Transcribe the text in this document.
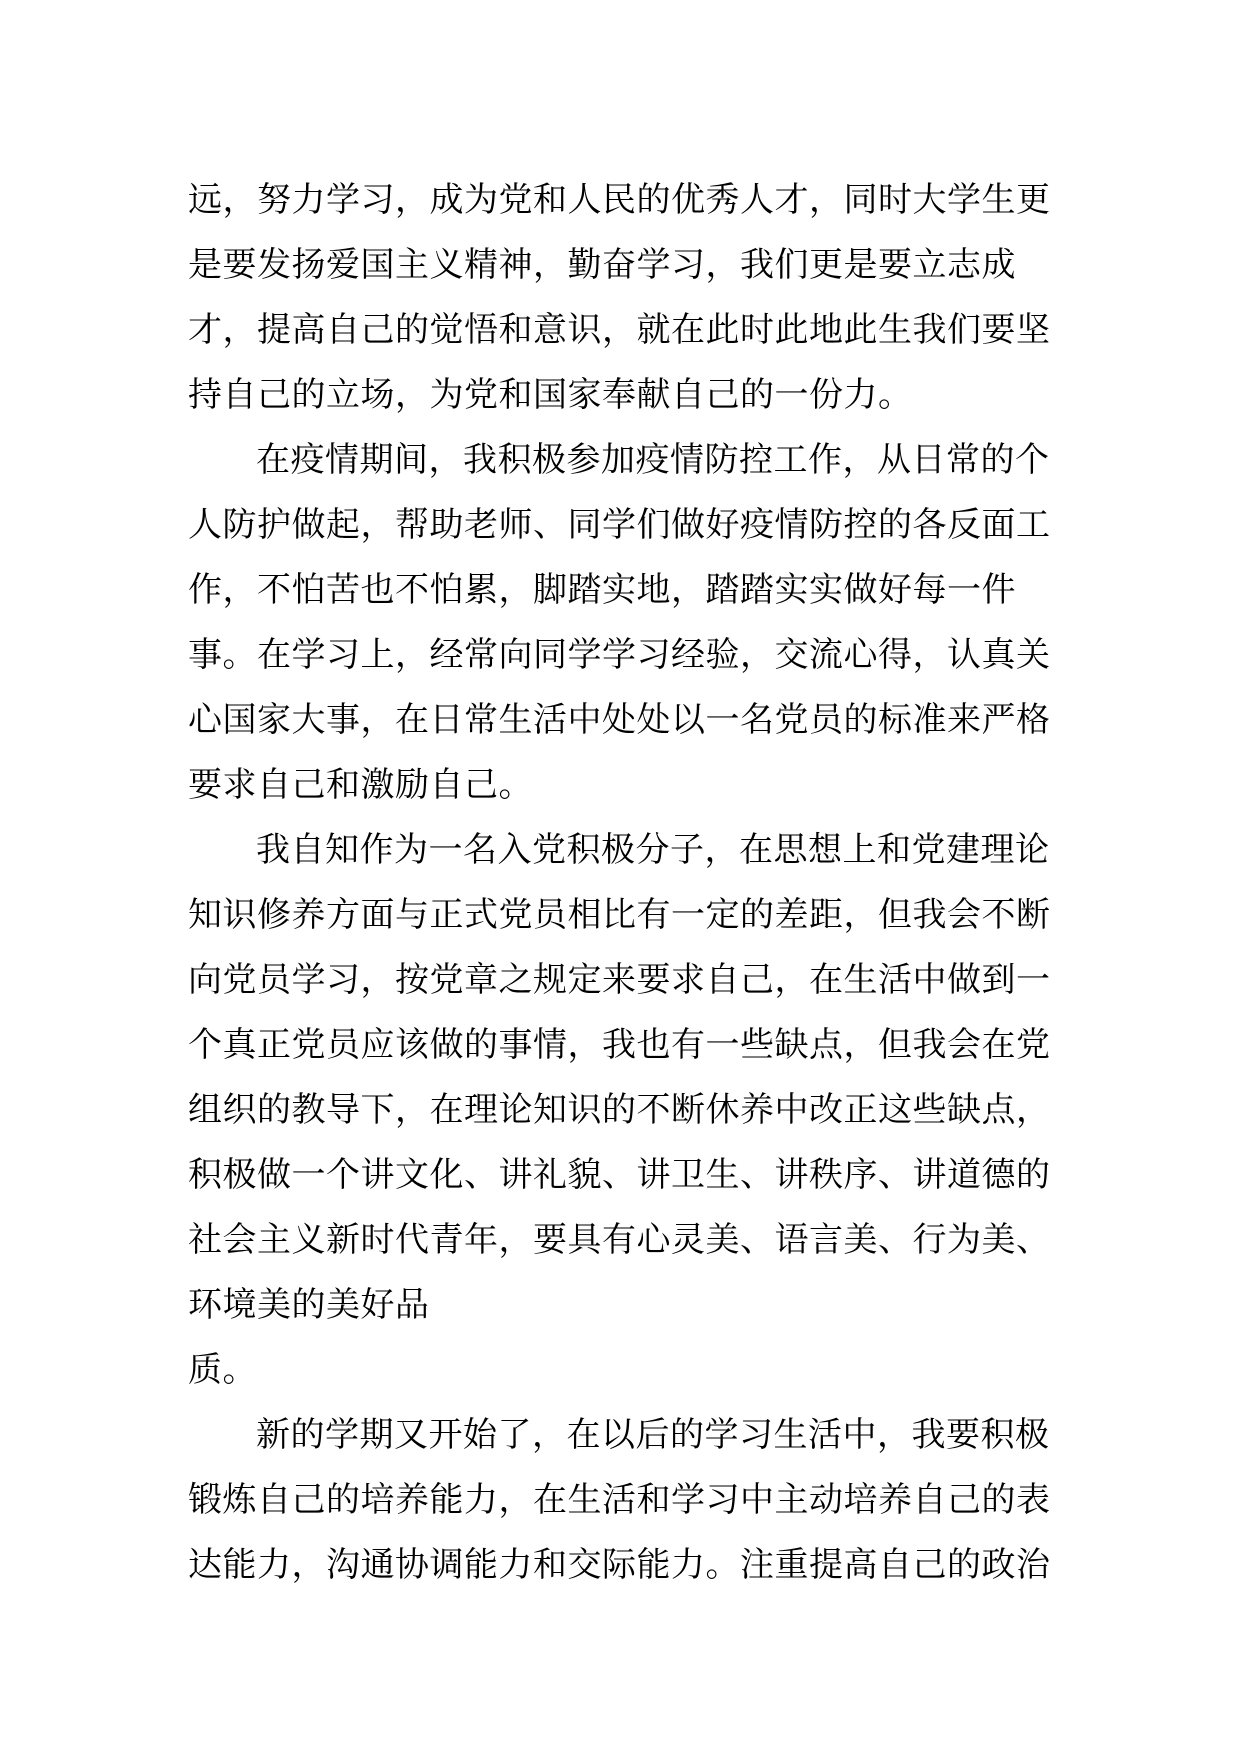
远，努力学习，成为党和人民的优秀人才，同时大学生更
是要发扬爱国主义精神，勤奋学习，我们更是要立志成
才，提高自己的觉悟和意识，就在此时此地此生我们要坚
持自己的立场，为党和国家奉献自己的一份力。
在疫情期间，我积极参加疫情防控工作，从日常的个
人防护做起，帮助老师、同学们做好疫情防控的各反面工
作，不怕苦也不怕累，脚踏实地，踏踏实实做好每一件
事。在学习上，经常向同学学习经验，交流心得，认真关
心国家大事，在日常生活中处处以一名党员的标准来严格
要求自己和激励自己。
我自知作为一名入党积极分子，在思想上和党建理论
知识修养方面与正式党员相比有一定的差距，但我会不断
向党员学习，按党章之规定来要求自己，在生活中做到一
个真正党员应该做的事情，我也有一些缺点，但我会在党
组织的教导下，在理论知识的不断休养中改正这些缺点，
积极做一个讲文化、讲礼貌、讲卫生、讲秩序、讲道德的
社会主义新时代青年，要具有心灵美、语言美、行为美、
环境美的美好品
质。
新的学期又开始了，在以后的学习生活中，我要积极
锻炼自己的培养能力，在生活和学习中主动培养自己的表
达能力，沟通协调能力和交际能力。注重提高自己的政治
